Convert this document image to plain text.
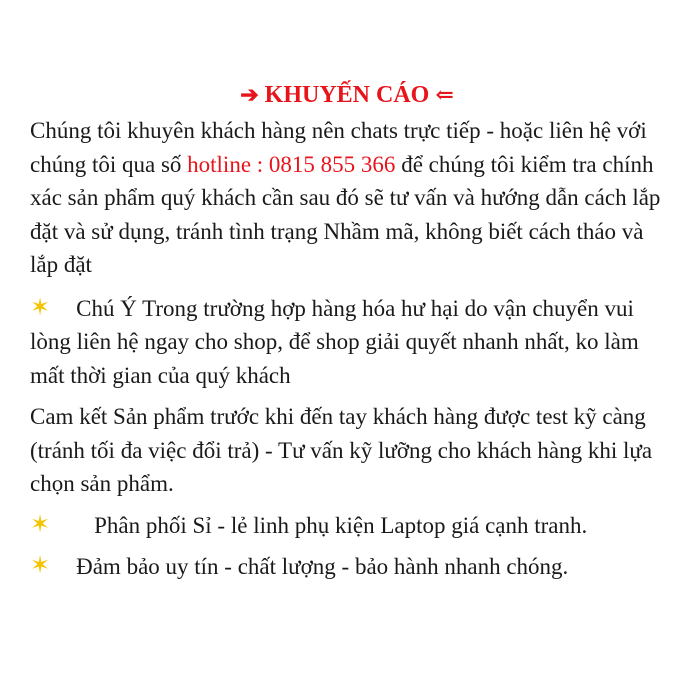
➔ KHUYẾN CÁO ⇐

Chúng tôi khuyên khách hàng nên chats trực tiếp - hoặc liên hệ với chúng tôi qua số hotline : 0815 855 366 để chúng tôi kiểm tra chính xác sản phẩm quý khách cần sau đó sẽ tư vấn và hướng dẫn cách lắp đặt và sử dụng, tránh tình trạng Nhầm mã, không biết cách tháo và lắp đặt

✶ Chú Ý Trong trường hợp hàng hóa hư hại do vận chuyển vui lòng liên hệ ngay cho shop, để shop giải quyết nhanh nhất, ko làm mất thời gian của quý khách

Cam kết Sản phẩm trước khi đến tay khách hàng được test kỹ càng (tránh tối đa việc đổi trả) - Tư vấn kỹ lưỡng cho khách hàng khi lựa chọn sản phẩm.

✶ Phân phối Sỉ - lẻ linh phụ kiện Laptop giá cạnh tranh.

✶ Đảm bảo uy tín - chất lượng - bảo hành nhanh chóng.
